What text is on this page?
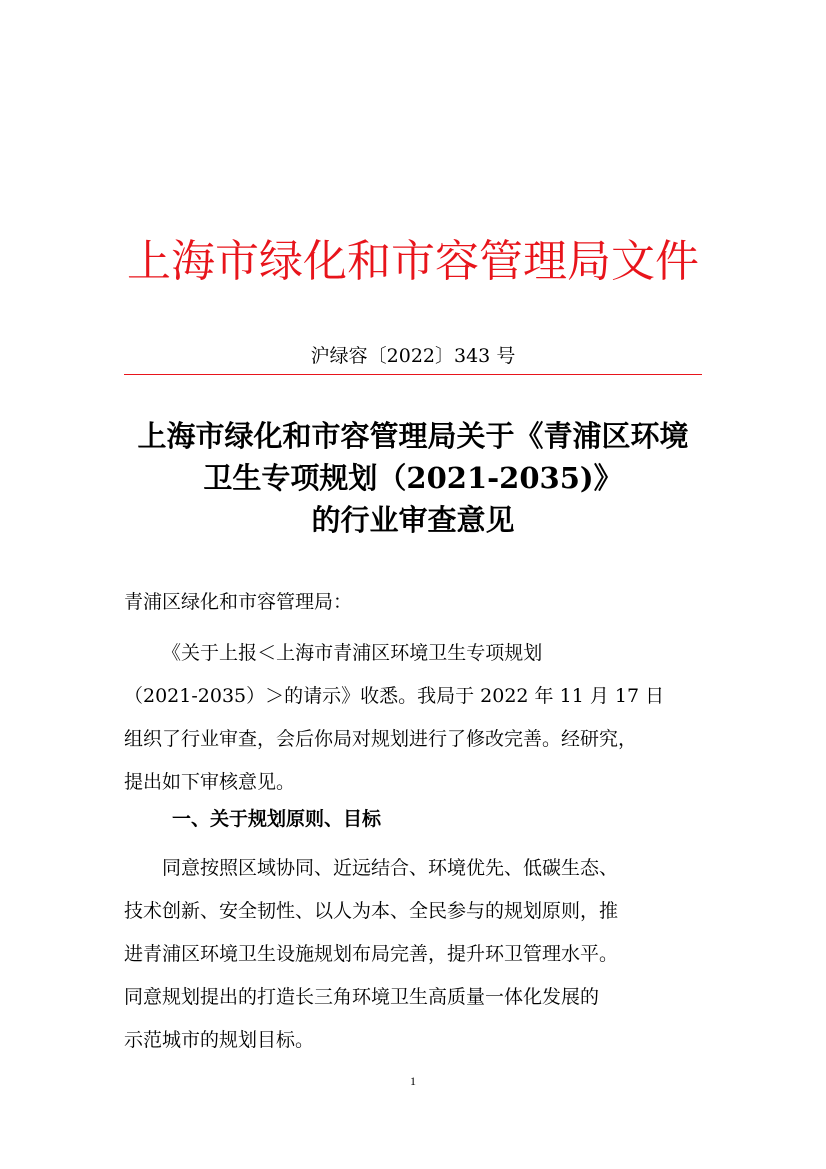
上海市绿化和市容管理局文件
沪绿容〔2022〕343 号
上海市绿化和市容管理局关于《青浦区环境
卫生专项规划（2021-2035)》
的行业审查意见
青浦区绿化和市容管理局：
《关于上报＜上海市青浦区环境卫生专项规划
（2021-2035）＞的请示》收悉。我局于 2022 年 11 月 17 日
组织了行业审查，会后你局对规划进行了修改完善。经研究，
提出如下审核意见。
一、关于规划原则、目标
同意按照区域协同、近远结合、环境优先、低碳生态、
技术创新、安全韧性、以人为本、全民参与的规划原则，推
进青浦区环境卫生设施规划布局完善，提升环卫管理水平。
同意规划提出的打造长三角环境卫生高质量一体化发展的
示范城市的规划目标。
1
